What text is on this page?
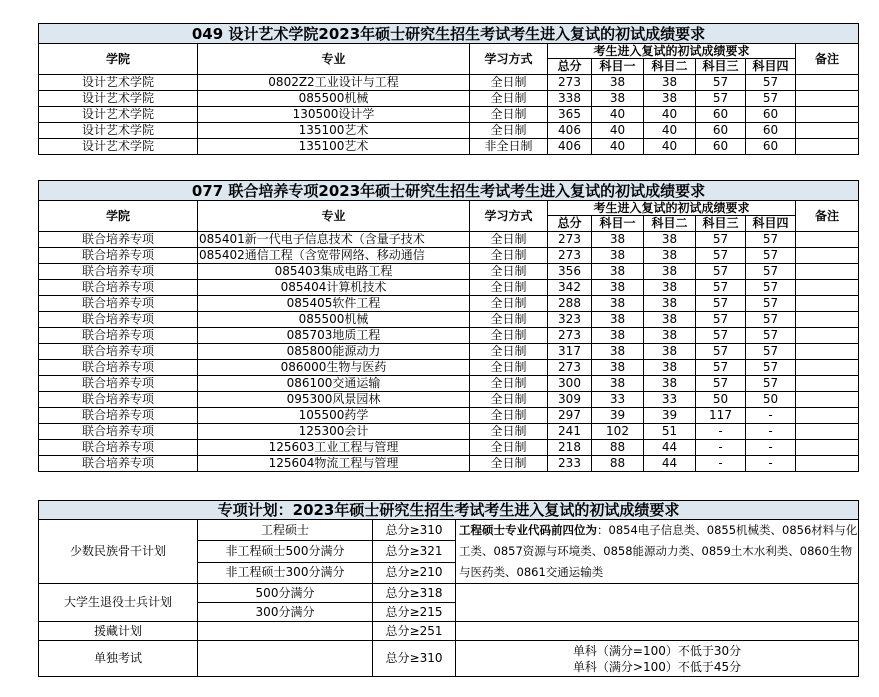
049 设计艺术学院2023年硕士研究生招生考试考生进入复试的初试成绩要求								
学院	专业	学习方式	考生进入复试的初试成绩要求					备注
			总分	科目一	科目二	科目三	科目四	
设计艺术学院	0802Z2工业设计与工程	全日制	273	38	38	57	57	
设计艺术学院	085500机械	全日制	338	38	38	57	57	
设计艺术学院	130500设计学	全日制	365	40	40	60	60	
设计艺术学院	135100艺术	全日制	406	40	40	60	60	
设计艺术学院	135100艺术	非全日制	406	40	40	60	60	
077 联合培养专项2023年硕士研究生招生考试考生进入复试的初试成绩要求								
学院	专业	学习方式	考生进入复试的初试成绩要求					备注
			总分	科目一	科目二	科目三	科目四	
联合培养专项	085401新一代电子信息技术（含量子技术	全日制	273	38	38	57	57	
联合培养专项	085402通信工程（含宽带网络、移动通信	全日制	273	38	38	57	57	
联合培养专项	085403集成电路工程	全日制	356	38	38	57	57	
联合培养专项	085404计算机技术	全日制	342	38	38	57	57	
联合培养专项	085405软件工程	全日制	288	38	38	57	57	
联合培养专项	085500机械	全日制	323	38	38	57	57	
联合培养专项	085703地质工程	全日制	273	38	38	57	57	
联合培养专项	085800能源动力	全日制	317	38	38	57	57	
联合培养专项	086000生物与医药	全日制	273	38	38	57	57	
联合培养专项	086100交通运输	全日制	300	38	38	57	57	
联合培养专项	095300风景园林	全日制	309	33	33	50	50	
联合培养专项	105500药学	全日制	297	39	39	117	-	
联合培养专项	125300会计	全日制	241	102	51	-	-	
联合培养专项	125603工业工程与管理	全日制	218	88	44	-	-	
联合培养专项	125604物流工程与管理	全日制	233	88	44	-	-	
专项计划：2023年硕士研究生招生考试考生进入复试的初试成绩要求			
少数民族骨干计划	工程硕士	总分≥310	工程硕士专业代码前四位为：0854电子信息类、0855机械类、0856材料与化工类、0857资源与环境类、0858能源动力类、0859土木水利类、0860生物与医药类、0861交通运输类
	非工程硕士500分满分	总分≥321	
	非工程硕士300分满分	总分≥210	
大学生退役士兵计划	500分满分	总分≥318	
	300分满分	总分≥215	
援藏计划		总分≥251	
单独考试		总分≥310	单科（满分=100）不低于30分
单科（满分>100）不低于45分
